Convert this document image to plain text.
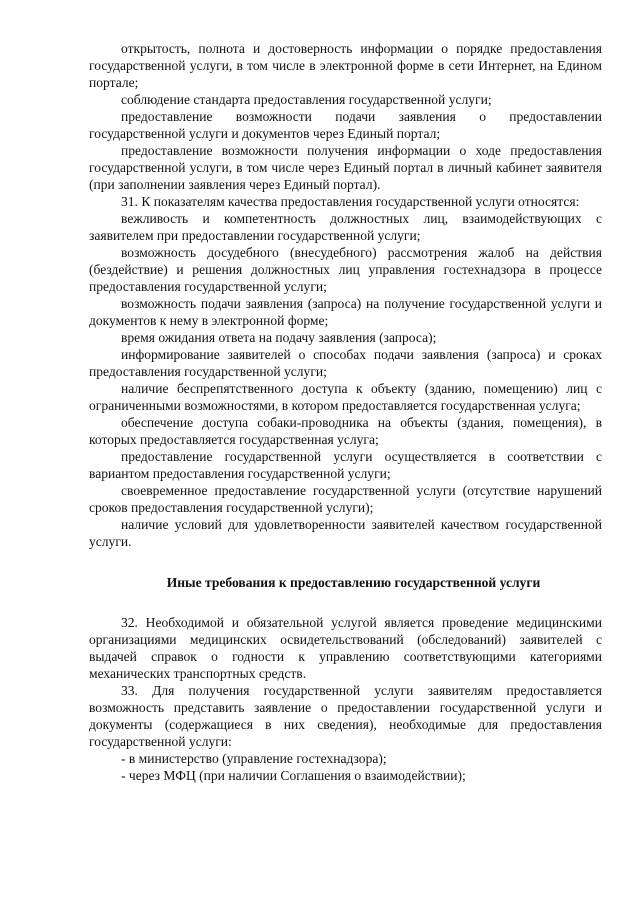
открытость, полнота и достоверность информации о порядке предоставления государственной услуги, в том числе в электронной форме в сети Интернет, на Едином портале;

соблюдение стандарта предоставления государственной услуги;

предоставление возможности подачи заявления о предоставлении государственной услуги и документов через Единый портал;

предоставление возможности получения информации о ходе предоставления государственной услуги, в том числе через Единый портал в личный кабинет заявителя (при заполнении заявления через Единый портал).

31. К показателям качества предоставления государственной услуги относятся:

вежливость и компетентность должностных лиц, взаимодействующих с заявителем при предоставлении государственной услуги;

возможность досудебного (внесудебного) рассмотрения жалоб на действия (бездействие) и решения должностных лиц управления гостехнадзора в процессе предоставления государственной услуги;

возможность подачи заявления (запроса) на получение государственной услуги и документов к нему в электронной форме;

время ожидания ответа на подачу заявления (запроса);

информирование заявителей о способах подачи заявления (запроса) и сроках предоставления государственной услуги;

наличие беспрепятственного доступа к объекту (зданию, помещению) лиц с ограниченными возможностями, в котором предоставляется государственная услуга;

обеспечение доступа собаки-проводника на объекты (здания, помещения), в которых предоставляется государственная услуга;

предоставление государственной услуги осуществляется в соответствии с вариантом предоставления государственной услуги;

своевременное предоставление государственной услуги (отсутствие нарушений сроков предоставления государственной услуги);

наличие условий для удовлетворенности заявителей качеством государственной услуги.

Иные требования к предоставлению государственной услуги

32. Необходимой и обязательной услугой является проведение медицинскими организациями медицинских освидетельствований (обследований) заявителей с выдачей справок о годности к управлению соответствующими категориями механических транспортных средств.

33. Для получения государственной услуги заявителям предоставляется возможность представить заявление о предоставлении государственной услуги и документы (содержащиеся в них сведения), необходимые для предоставления государственной услуги:

- в министерство (управление гостехнадзора);

- через МФЦ (при наличии Соглашения о взаимодействии);
